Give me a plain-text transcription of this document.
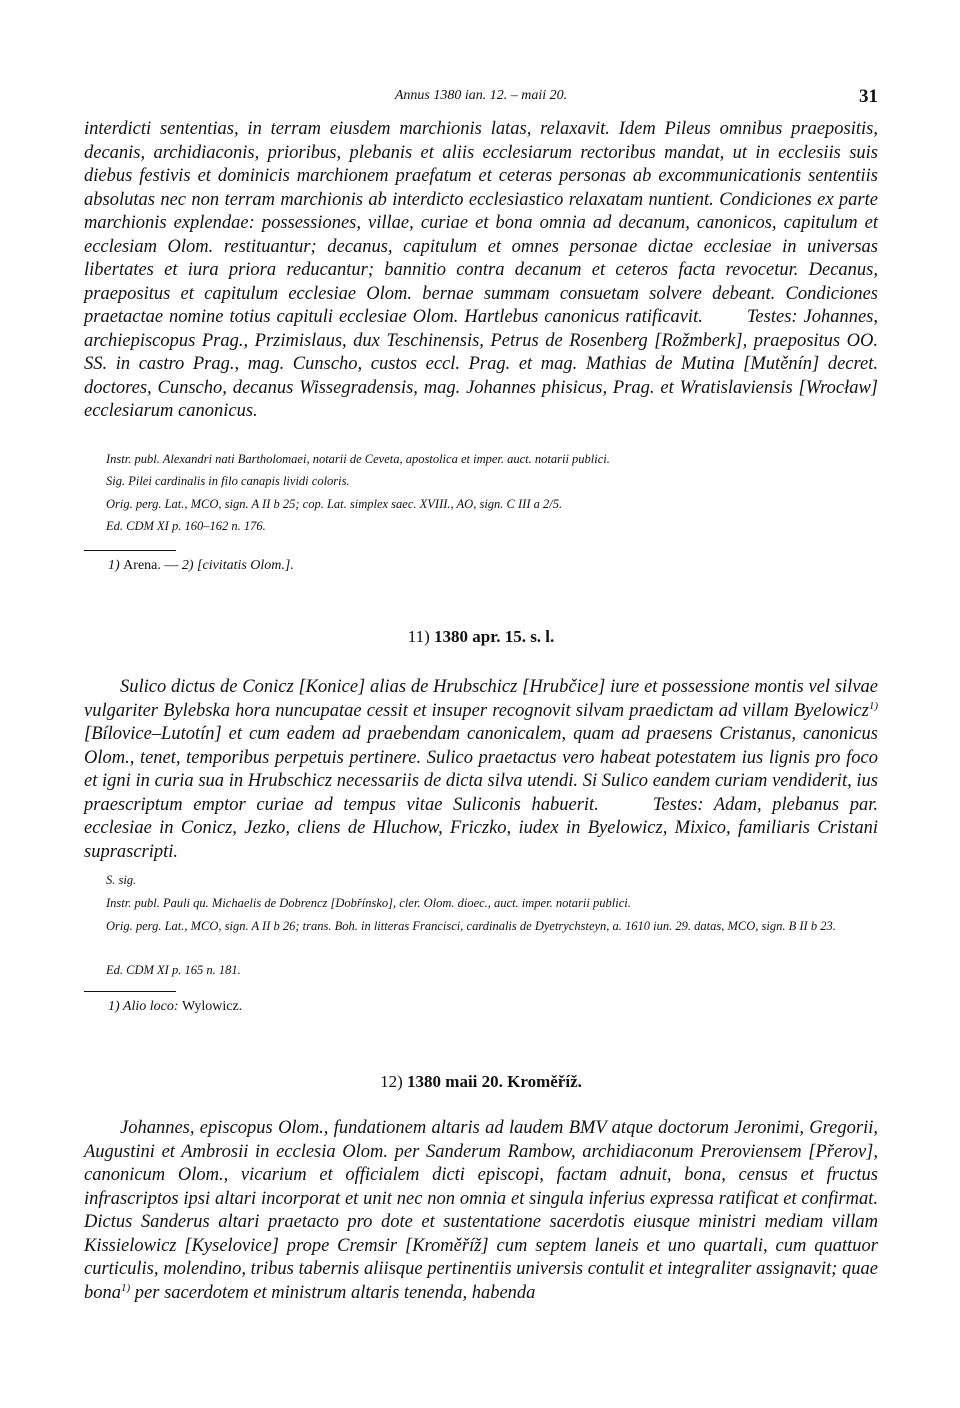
Annus 1380 ian. 12. – maii 20.	31

interdicti sententias, in terram eiusdem marchionis latas, relaxavit. Idem Pileus omnibus praepositis, decanis, archidiaconis, prioribus, plebanis et aliis ecclesiarum rectoribus mandat, ut in ecclesiis suis diebus festivis et dominicis marchionem praefatum et ceteras personas ab excommunicationis sententiis absolutas nec non terram marchionis ab interdicto ecclesiastico relaxatam nuntient. Condiciones ex parte marchionis explendae: possessiones, villae, curiae et bona omnia ad decanum, canonicos, capitulum et ecclesiam Olom. restituantur; decanus, capitulum et omnes personae dictae ecclesiae in universas libertates et iura priora reducantur; bannitio contra decanum et ceteros facta revocetur. Decanus, praepositus et capitulum ecclesiae Olom. bernae summam consuetam solvere debeant. Condiciones praetactae nomine totius capituli ecclesiae Olom. Hartlebus canonicus ratificavit. Testes: Johannes, archiepiscopus Prag., Przimislaus, dux Teschinensis, Petrus de Rosenberg [Rožmberk], praepositus OO. SS. in castro Prag., mag. Cunscho, custos eccl. Prag. et mag. Mathias de Mutina [Mutěnín] decret. doctores, Cunscho, decanus Wissegradensis, mag. Johannes phisicus, Prag. et Wratislaviensis [Wrocław] ecclesiarum canonicus.

Instr. publ. Alexandri nati Bartholomaei, notarii de Ceveta, apostolica et imper. auct. notarii publici.

Sig. Pilei cardinalis in filo canapis lividi coloris.

Orig. perg. Lat., MCO, sign. A II b 25; cop. Lat. simplex saec. XVIII., AO, sign. C III a 2/5.

Ed. CDM XI p. 160–162 n. 176.

1) Arena. — 2) [civitatis Olom.].

11) 1380 apr. 15. s. l.

Sulico dictus de Conicz [Konice] alias de Hrubschicz [Hrubčice] iure et possessione montis vel silvae vulgariter Bylebska hora nuncupatae cessit et insuper recognovit silvam praedictam ad villam Byelowicz$^{1)}$ [Bílovice–Lutotín] et cum eadem ad praebendam canonicalem, quam ad praesens Cristanus, canonicus Olom., tenet, temporibus perpetuis pertinere. Sulico praetactus vero habeat potestatem ius lignis pro foco et igni in curia sua in Hrubschicz necessariis de dicta silva utendi. Si Sulico eandem curiam vendiderit, ius praescriptum emptor curiae ad tempus vitae Suliconis habuerit.	Testes: Adam, plebanus par. ecclesiae in Conicz, Jezko, cliens de Hluchow, Friczko, iudex in Byelowicz, Mixico, familiaris Cristani suprascripti.

S. sig.

Instr. publ. Pauli qu. Michaelis de Dobrencz [Dobřínsko], cler. Olom. dioec., auct. imper. notarii publici.

Orig. perg. Lat., MCO, sign. A II b 26; trans. Boh. in litteras Francisci, cardinalis de Dyetrychsteyn, a. 1610 iun. 29. datas, MCO, sign. B II b 23.

Ed. CDM XI p. 165 n. 181.

1) Alio loco: Wylowicz.

12) 1380 maii 20. Kroměříž.

Johannes, episcopus Olom., fundationem altaris ad laudem BMV atque doctorum Jeronimi, Gregorii, Augustini et Ambrosii in ecclesia Olom. per Sanderum Rambow, archidiaconum Preroviensem [Přerov], canonicum Olom., vicarium et officialem dicti episcopi, factam adnuit, bona, census et fructus infrascriptos ipsi altari incorporat et unit nec non omnia et singula inferius expressa ratificat et confirmat. Dictus Sanderus altari praetacto pro dote et sustentatione sacerdotis eiusque ministri mediam villam Kissielowicz [Kyselovice] prope Cremsir [Kroměříž] cum septem laneis et uno quartali, cum quattuor curticulis, molendino, tribus tabernis aliisque pertinentiis universis contulit et integraliter assignavit; quae bona$^{1)}$ per sacerdotem et ministrum altaris tenenda, habenda
